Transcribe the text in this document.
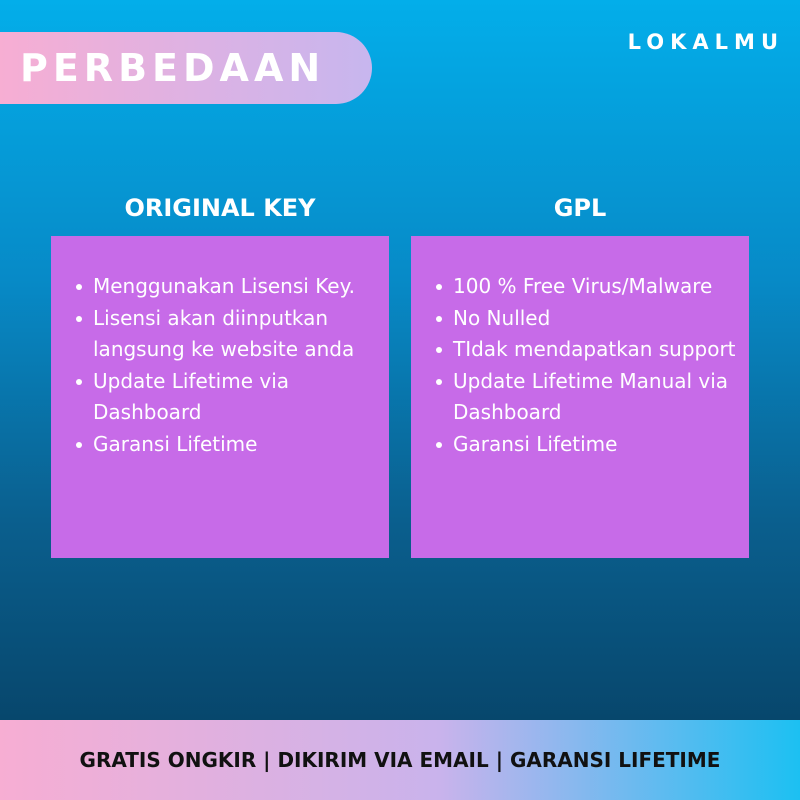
PERBEDAAN
LOKALMU
ORIGINAL KEY	GPL
Menggunakan Lisensi Key.
Lisensi akan diinputkan langsung ke website anda
Update Lifetime via Dashboard
Garansi Lifetime
100 % Free Virus/Malware
No Nulled
TIdak mendapatkan support
Update Lifetime Manual via Dashboard
Garansi Lifetime
GRATIS ONGKIR | DIKIRIM VIA EMAIL | GARANSI LIFETIME
